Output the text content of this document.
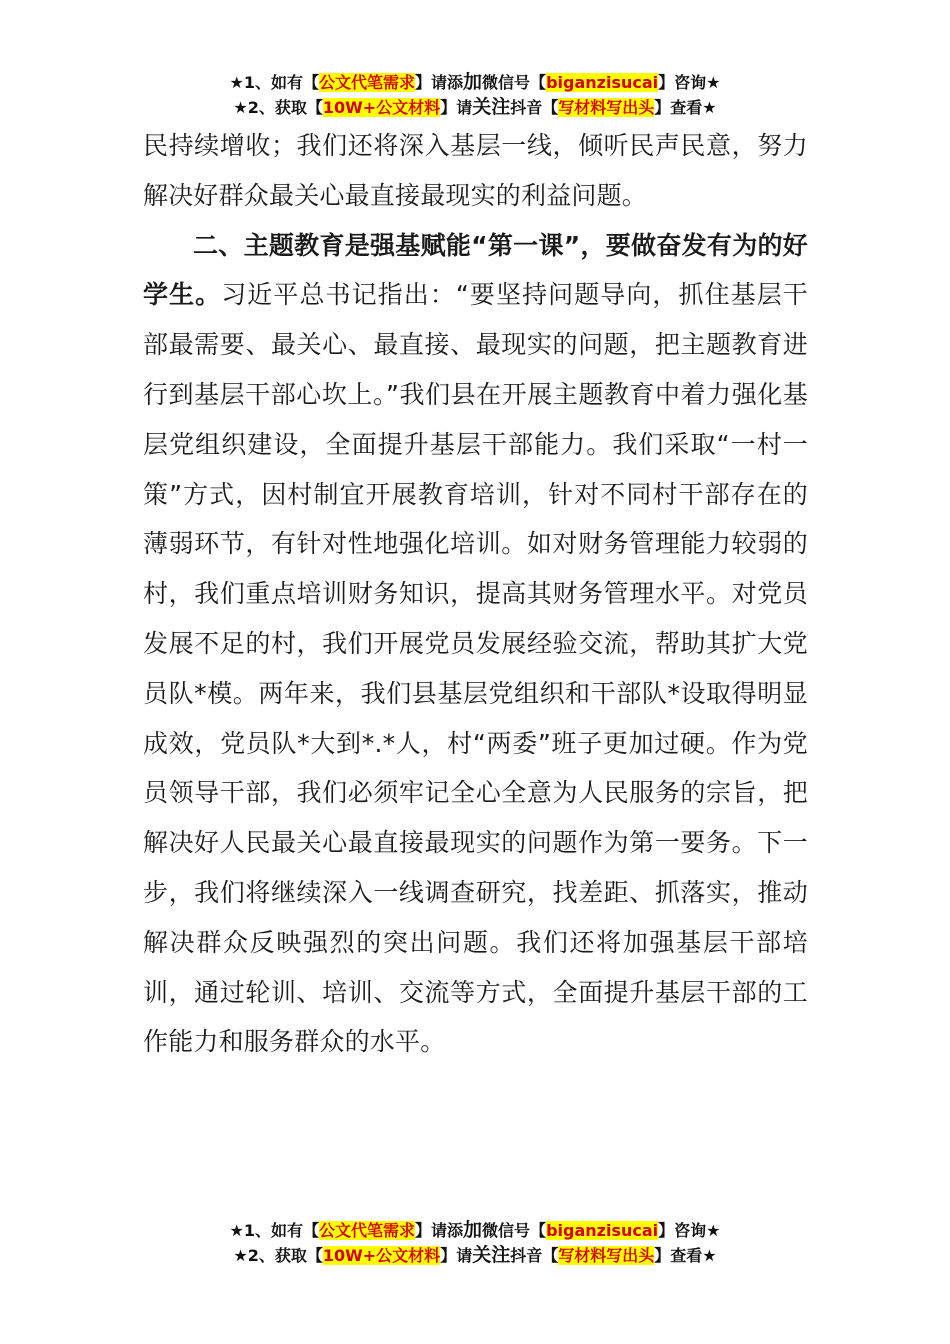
★1、如有【公文代笔需求】请添加微信号【biganzisucai】咨询★
★2、获取【10W+公文材料】请关注抖音【写材料写出头】查看★

民持续增收；我们还将深入基层一线，倾听民声民意，努力解决好群众最关心最直接最现实的利益问题。

二、主题教育是强基赋能“第一课”，要做奋发有为的好学生。习近平总书记指出：“要坚持问题导向，抓住基层干部最需要、最关心、最直接、最现实的问题，把主题教育进行到基层干部心坎上。”我们县在开展主题教育中着力强化基层党组织建设，全面提升基层干部能力。我们采取“一村一策”方式，因村制宜开展教育培训，针对不同村干部存在的薄弱环节，有针对性地强化培训。如对财务管理能力较弱的村，我们重点培训财务知识，提高其财务管理水平。对党员发展不足的村，我们开展党员发展经验交流，帮助其扩大党员队*模。两年来，我们县基层党组织和干部队*设取得明显成效，党员队*大到*.*人，村“两委”班子更加过硬。作为党员领导干部，我们必须牢记全心全意为人民服务的宗旨，把解决好人民最关心最直接最现实的问题作为第一要务。下一步，我们将继续深入一线调查研究，找差距、抓落实，推动解决群众反映强烈的突出问题。我们还将加强基层干部培训，通过轮训、培训、交流等方式，全面提升基层干部的工作能力和服务群众的水平。

★1、如有【公文代笔需求】请添加微信号【biganzisucai】咨询★
★2、获取【10W+公文材料】请关注抖音【写材料写出头】查看★
